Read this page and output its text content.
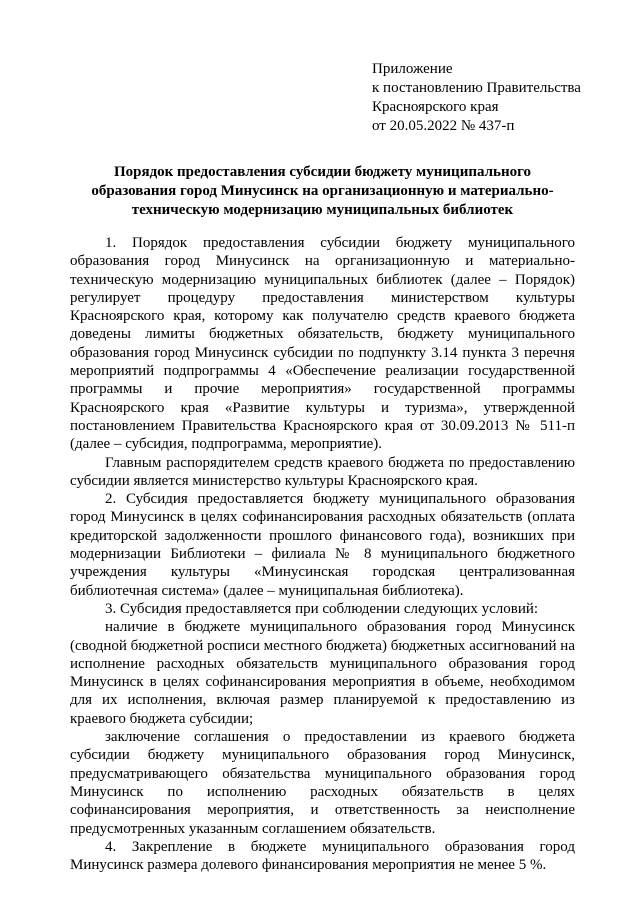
Приложение
к постановлению Правительства
Красноярского края
от 20.05.2022 № 437-п
Порядок предоставления субсидии бюджету муниципального образования город Минусинск на организационную и материально-техническую модернизацию муниципальных библиотек

1. Порядок предоставления субсидии бюджету муниципального образования город Минусинск на организационную и материально-техническую модернизацию муниципальных библиотек (далее – Порядок) регулирует процедуру предоставления министерством культуры Красноярского края, которому как получателю средств краевого бюджета доведены лимиты бюджетных обязательств, бюджету муниципального образования город Минусинск субсидии по подпункту 3.14 пункта 3 перечня мероприятий подпрограммы 4 «Обеспечение реализации государственной программы и прочие мероприятия» государственной программы Красноярского края «Развитие культуры и туризма», утвержденной постановлением Правительства Красноярского края от 30.09.2013 № 511-п (далее – субсидия, подпрограмма, мероприятие).

Главным распорядителем средств краевого бюджета по предоставлению субсидии является министерство культуры Красноярского края.

2. Субсидия предоставляется бюджету муниципального образования город Минусинск в целях софинансирования расходных обязательств (оплата кредиторской задолженности прошлого финансового года), возникших при модернизации Библиотеки – филиала № 8 муниципального бюджетного учреждения культуры «Минусинская городская централизованная библиотечная система» (далее – муниципальная библиотека).

3. Субсидия предоставляется при соблюдении следующих условий:

наличие в бюджете муниципального образования город Минусинск (сводной бюджетной росписи местного бюджета) бюджетных ассигнований на исполнение расходных обязательств муниципального образования город Минусинск в целях софинансирования мероприятия в объеме, необходимом для их исполнения, включая размер планируемой к предоставлению из краевого бюджета субсидии;

заключение соглашения о предоставлении из краевого бюджета субсидии бюджету муниципального образования город Минусинск, предусматривающего обязательства муниципального образования город Минусинск по исполнению расходных обязательств в целях софинансирования мероприятия, и ответственность за неисполнение предусмотренных указанным соглашением обязательств.

4. Закрепление в бюджете муниципального образования город Минусинск размера долевого финансирования мероприятия не менее 5 %.
